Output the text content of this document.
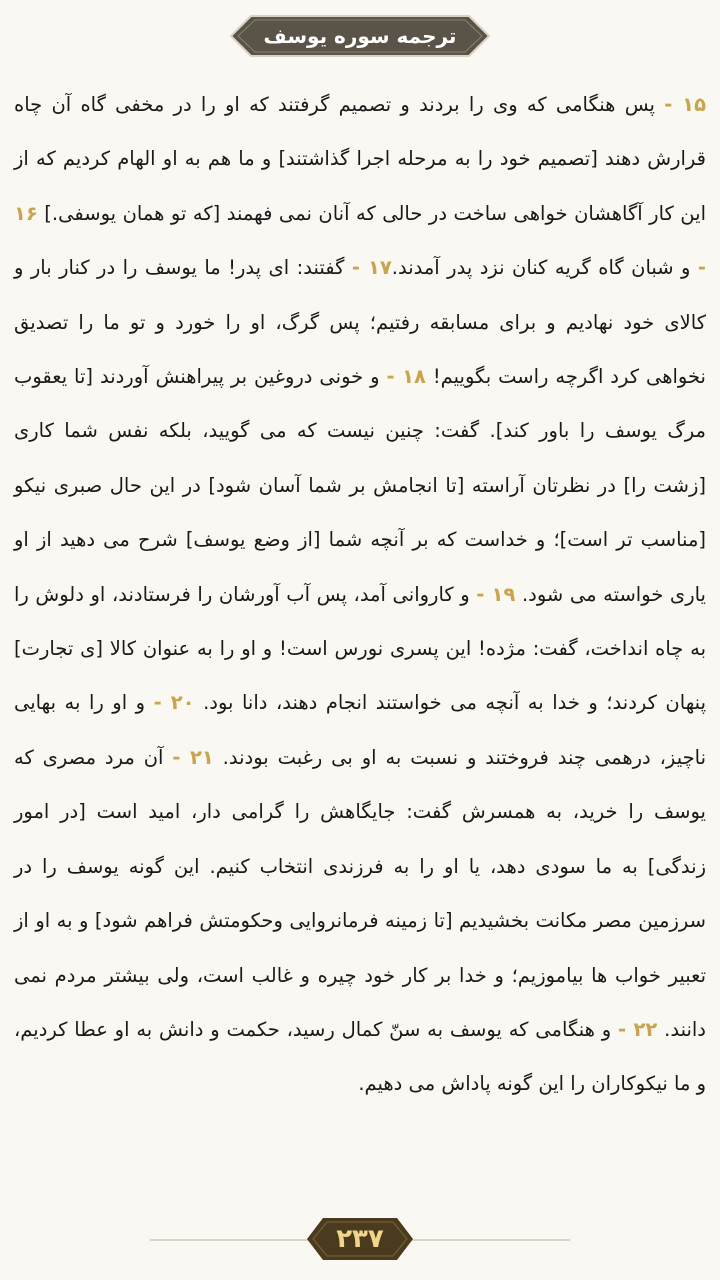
ترجمه سوره یوسف
۱۵ - پس هنگامی که وی را بردند و تصمیم گرفتند که او را در مخفی گاه آن چاه قرارش دهند [تصمیم خود را به مرحله اجرا گذاشتند] و ما هم به او الهام کردیم که از این کار آگاهشان خواهی ساخت در حالی که آنان نمی فهمند [که تو همان یوسفی.] ۱۶ - و شبان گاه گریه کنان نزد پدر آمدند.۱۷ - گفتند: ای پدر! ما یوسف را در کنار بار و کالای خود نهادیم و برای مسابقه رفتیم؛ پس گرگ، او را خورد و تو ما را تصدیق نخواهی کرد اگرچه راست بگوییم! ۱۸ - و خونی دروغین بر پیراهنش آوردند [تا یعقوب مرگ یوسف را باور کند]. گفت: چنین نیست که می گویید، بلکه نفس شما کاری [زشت را] در نظرتان آراسته [تا انجامش بر شما آسان شود] در این حال صبری نیکو [مناسب تر است]؛ و خداست که بر آنچه شما [از وضع یوسف] شرح می دهید از او یاری خواسته می شود. ۱۹ - و کاروانی آمد، پس آب آورشان را فرستادند، او دلوش را به چاه انداخت، گفت: مژده! این پسری نورس است! و او را به عنوان کالا [ی تجارت] پنهان کردند؛ و خدا به آنچه می خواستند انجام دهند، دانا بود. ۲۰ - و او را به بهایی ناچیز، درهمی چند فروختند و نسبت به او بی رغبت بودند. ۲۱ - آن مرد مصری که یوسف را خرید، به همسرش گفت: جایگاهش را گرامی دار، امید است [در امور زندگی] به ما سودی دهد، یا او را به فرزندی انتخاب کنیم. این گونه یوسف را در سرزمین مصر مکانت بخشیدیم [تا زمینه فرمانروایی وحکومتش فراهم شود] و به او از تعبیر خواب ها بیاموزیم؛ و خدا بر کار خود چیره و غالب است، ولی بیشتر مردم نمی دانند. ۲۲ - و هنگامی که یوسف به سنّ کمال رسید، حکمت و دانش به او عطا کردیم، و ما نیکوکاران را این گونه پاداش می دهیم.
۲۳۷
